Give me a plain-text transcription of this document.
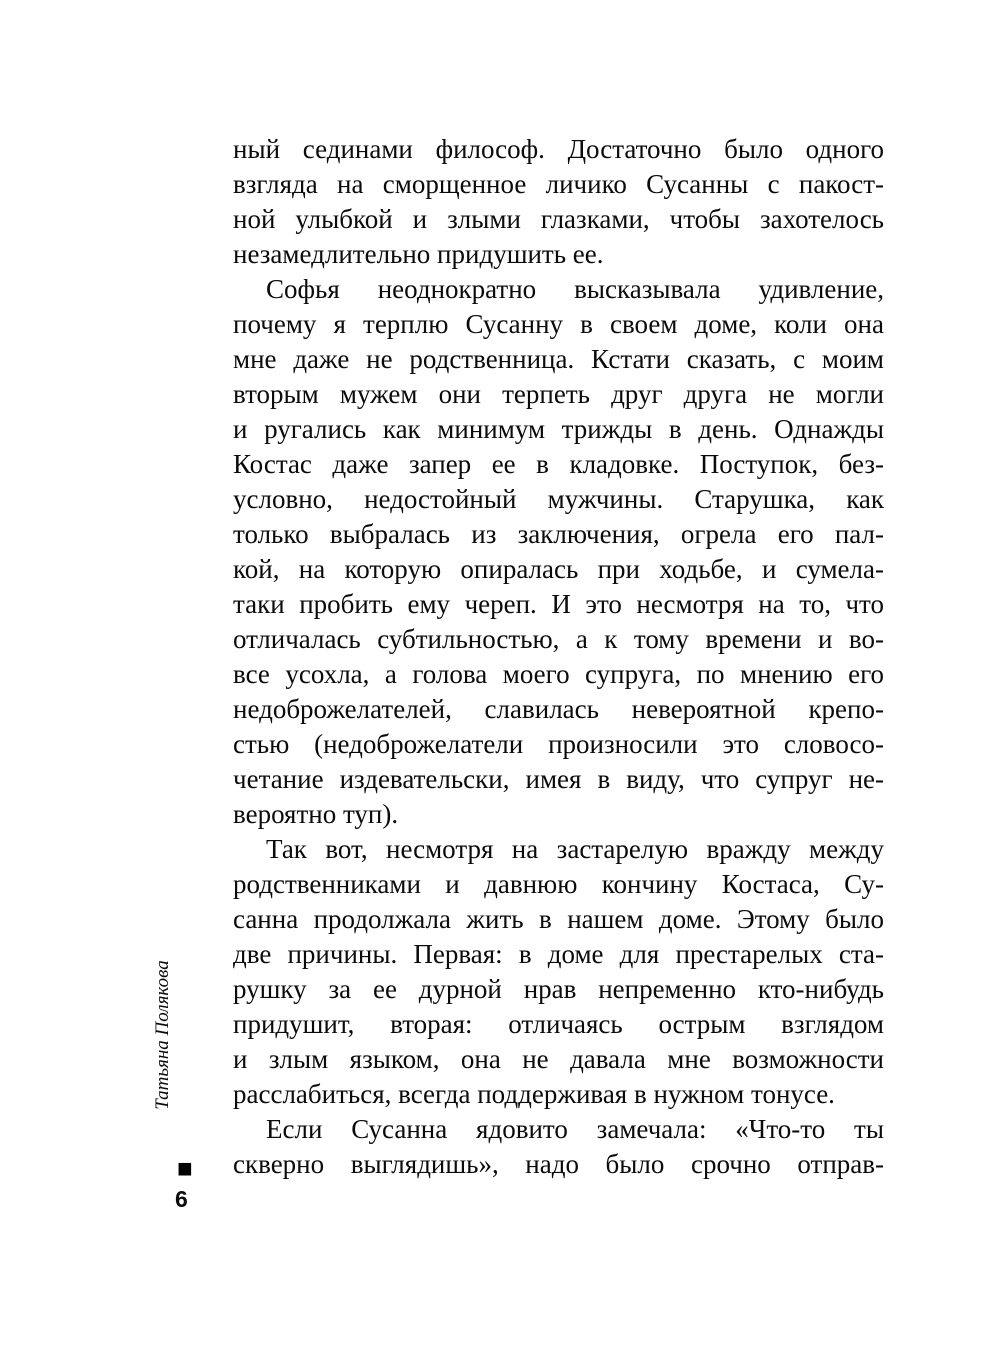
ный сединами философ. Достаточно было одного
взгляда на сморщенное личико Сусанны с пакост-
ной улыбкой и злыми глазками, чтобы захотелось
незамедлительно придушить ее.
Софья неоднократно высказывала удивление,
почему я терплю Сусанну в своем доме, коли она
мне даже не родственница. Кстати сказать, с моим
вторым мужем они терпеть друг друга не могли
и ругались как минимум трижды в день. Однажды
Костас даже запер ее в кладовке. Поступок, без-
условно, недостойный мужчины. Старушка, как
только выбралась из заключения, огрела его пал-
кой, на которую опиралась при ходьбе, и сумела-
таки пробить ему череп. И это несмотря на то, что
отличалась субтильностью, а к тому времени и во-
все усохла, а голова моего супруга, по мнению его
недоброжелателей, славилась невероятной крепо-
стью (недоброжелатели произносили это словосо-
четание издевательски, имея в виду, что супруг не-
вероятно туп).
Так вот, несмотря на застарелую вражду между
родственниками и давнюю кончину Костаса, Су-
санна продолжала жить в нашем доме. Этому было
две причины. Первая: в доме для престарелых ста-
рушку за ее дурной нрав непременно кто-нибудь
придушит, вторая: отличаясь острым взглядом
и злым языком, она не давала мне возможности
расслабиться, всегда поддерживая в нужном тонусе.
Если Сусанна ядовито замечала: «Что-то ты
скверно выглядишь», надо было срочно отправ-
Татьяна Полякова
■
6
